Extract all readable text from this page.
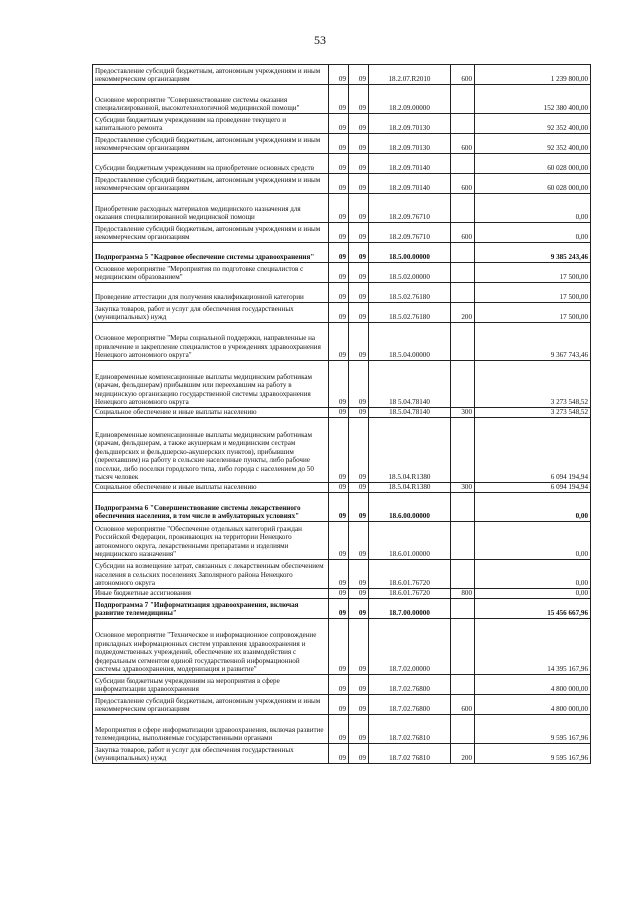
53
Предоставление субсидий бюджетным, автономным учреждениям и иным некоммерческим организациям	09	09	18.2.07.R2010	600	1 239 800,00
Основное мероприятие "Совершенствование системы оказания специализированной, высокотехнологичной медицинской помощи"	09	09	18.2.09.00000		152 380 400,00
Субсидии бюджетным учреждениям на проведение текущего и капитального ремонта	09	09	18.2.09.70130		92 352 400,00
Предоставление субсидий бюджетным, автономным учреждениям и иным некоммерческим организациям	09	09	18.2.09.70130	600	92 352 400,00
Субсидии бюджетным учреждениям на приобретение основных средств	09	09	18.2.09.70140		60 028 000,00
Предоставление субсидий бюджетным, автономным учреждениям и иным некоммерческим организациям	09	09	18.2.09.70140	600	60 028 000,00
Приобретение расходных материалов медицинского назначения для оказания специализированной медицинской помощи	09	09	18.2.09.76710		0,00
Предоставление субсидий бюджетным, автономным учреждениям и иным некоммерческим организациям	09	09	18.2.09.76710	600	0,00
Подпрограмма 5 "Кадровое обеспечение системы здравоохранения"	09	09	18.5.00.00000		9 385 243,46
Основное мероприятие "Мероприятия по подготовке специалистов с медицинским образованием"	09	09	18.5.02.00000		17 500,00
Проведение аттестации для получения квалификационной категории	09	09	18.5.02.76180		17 500,00
Закупка товаров, работ и услуг для обеспечения государственных (муниципальных) нужд	09	09	18.5.02.76180	200	17 500,00
Основное мероприятие "Меры социальной поддержки, направленные на привлечение и закрепление специалистов в учреждениях здравоохранения Ненецкого автономного округа"	09	09	18.5.04.00000		9 367 743,46
Единовременные компенсационные выплаты медицинским работникам (врачам, фельдшерам) прибывшим или переехавшим на работу в медицинскую организацию государственной системы здравоохранения Ненецкого автономного округа	09	09	18 5.04.78140		3 273 548,52
Социальное обеспечение и иные выплаты населению	09	09	18.5.04.78140	300	3 273 548,52
Единовременные компенсационные выплаты медицинским работникам (врачам, фельдшерам, а также акушеркам и медицинским сестрам фельдшерских и фельдшерско-акушерских пунктов), прибывшим (переехавшим) на работу в сельские населенные пункты, либо рабочие поселки, либо поселки городского типа, либо города с населением до 50 тысяч человек	09	09	18.5.04.R1380		6 094 194,94
Социальное обеспечение и иные выплаты населению	09	09	18.5.04.R1380	300	6 094 194,94
Подпрограмма 6 "Совершенствование системы лекарственного обеспечения населения, в том числе в амбулаторных условиях"	09	09	18.6.00.00000		0,00
Основное мероприятие "Обеспечение отдельных категорий граждан Российской Федерации, проживающих на территории Ненецкого автономного округа, лекарственными препаратами и изделиями медицинского назначения"	09	09	18.6.01.00000		0,00
Субсидии на возмещение затрат, связанных с лекарственным обеспечением населения в сельских поселениях Заполярного района Ненецкого автономного округа	09	09	18.6.01.76720		0,00
Иные бюджетные ассигнования	09	09	18.6.01.76720	800	0,00
Подпрограмма 7 "Информатизация здравоохранения, включая развитие телемедицины"	09	09	18.7.00.00000		15 456 667,96
Основное мероприятие "Техническое и информационное сопровождение прикладных информационных систем управления здравоохранения и подведомственных учреждений, обеспечение их взаимодействия с федеральным сегментом единой государственной информационной системы здравоохранения, модернизация и развитие"	09	09	18.7.02.00000		14 395 167,96
Субсидии бюджетным учреждениям на мероприятия в сфере информатизации здравоохранения	09	09	18.7.02.76800		4 800 000,00
Предоставление субсидий бюджетным, автономным учреждениям и иным некоммерческим организациям	09	09	18.7.02.76800	600	4 800 000,00
Мероприятия в сфере информатизации здравоохранения, включая развитие телемедицины, выполняемые государственными органами	09	09	18.7.02.76810		9 595 167,96
Закупка товаров, работ и услуг для обеспечения государственных (муниципальных) нужд	09	09	18.7.02 76810	200	9 595 167,96
